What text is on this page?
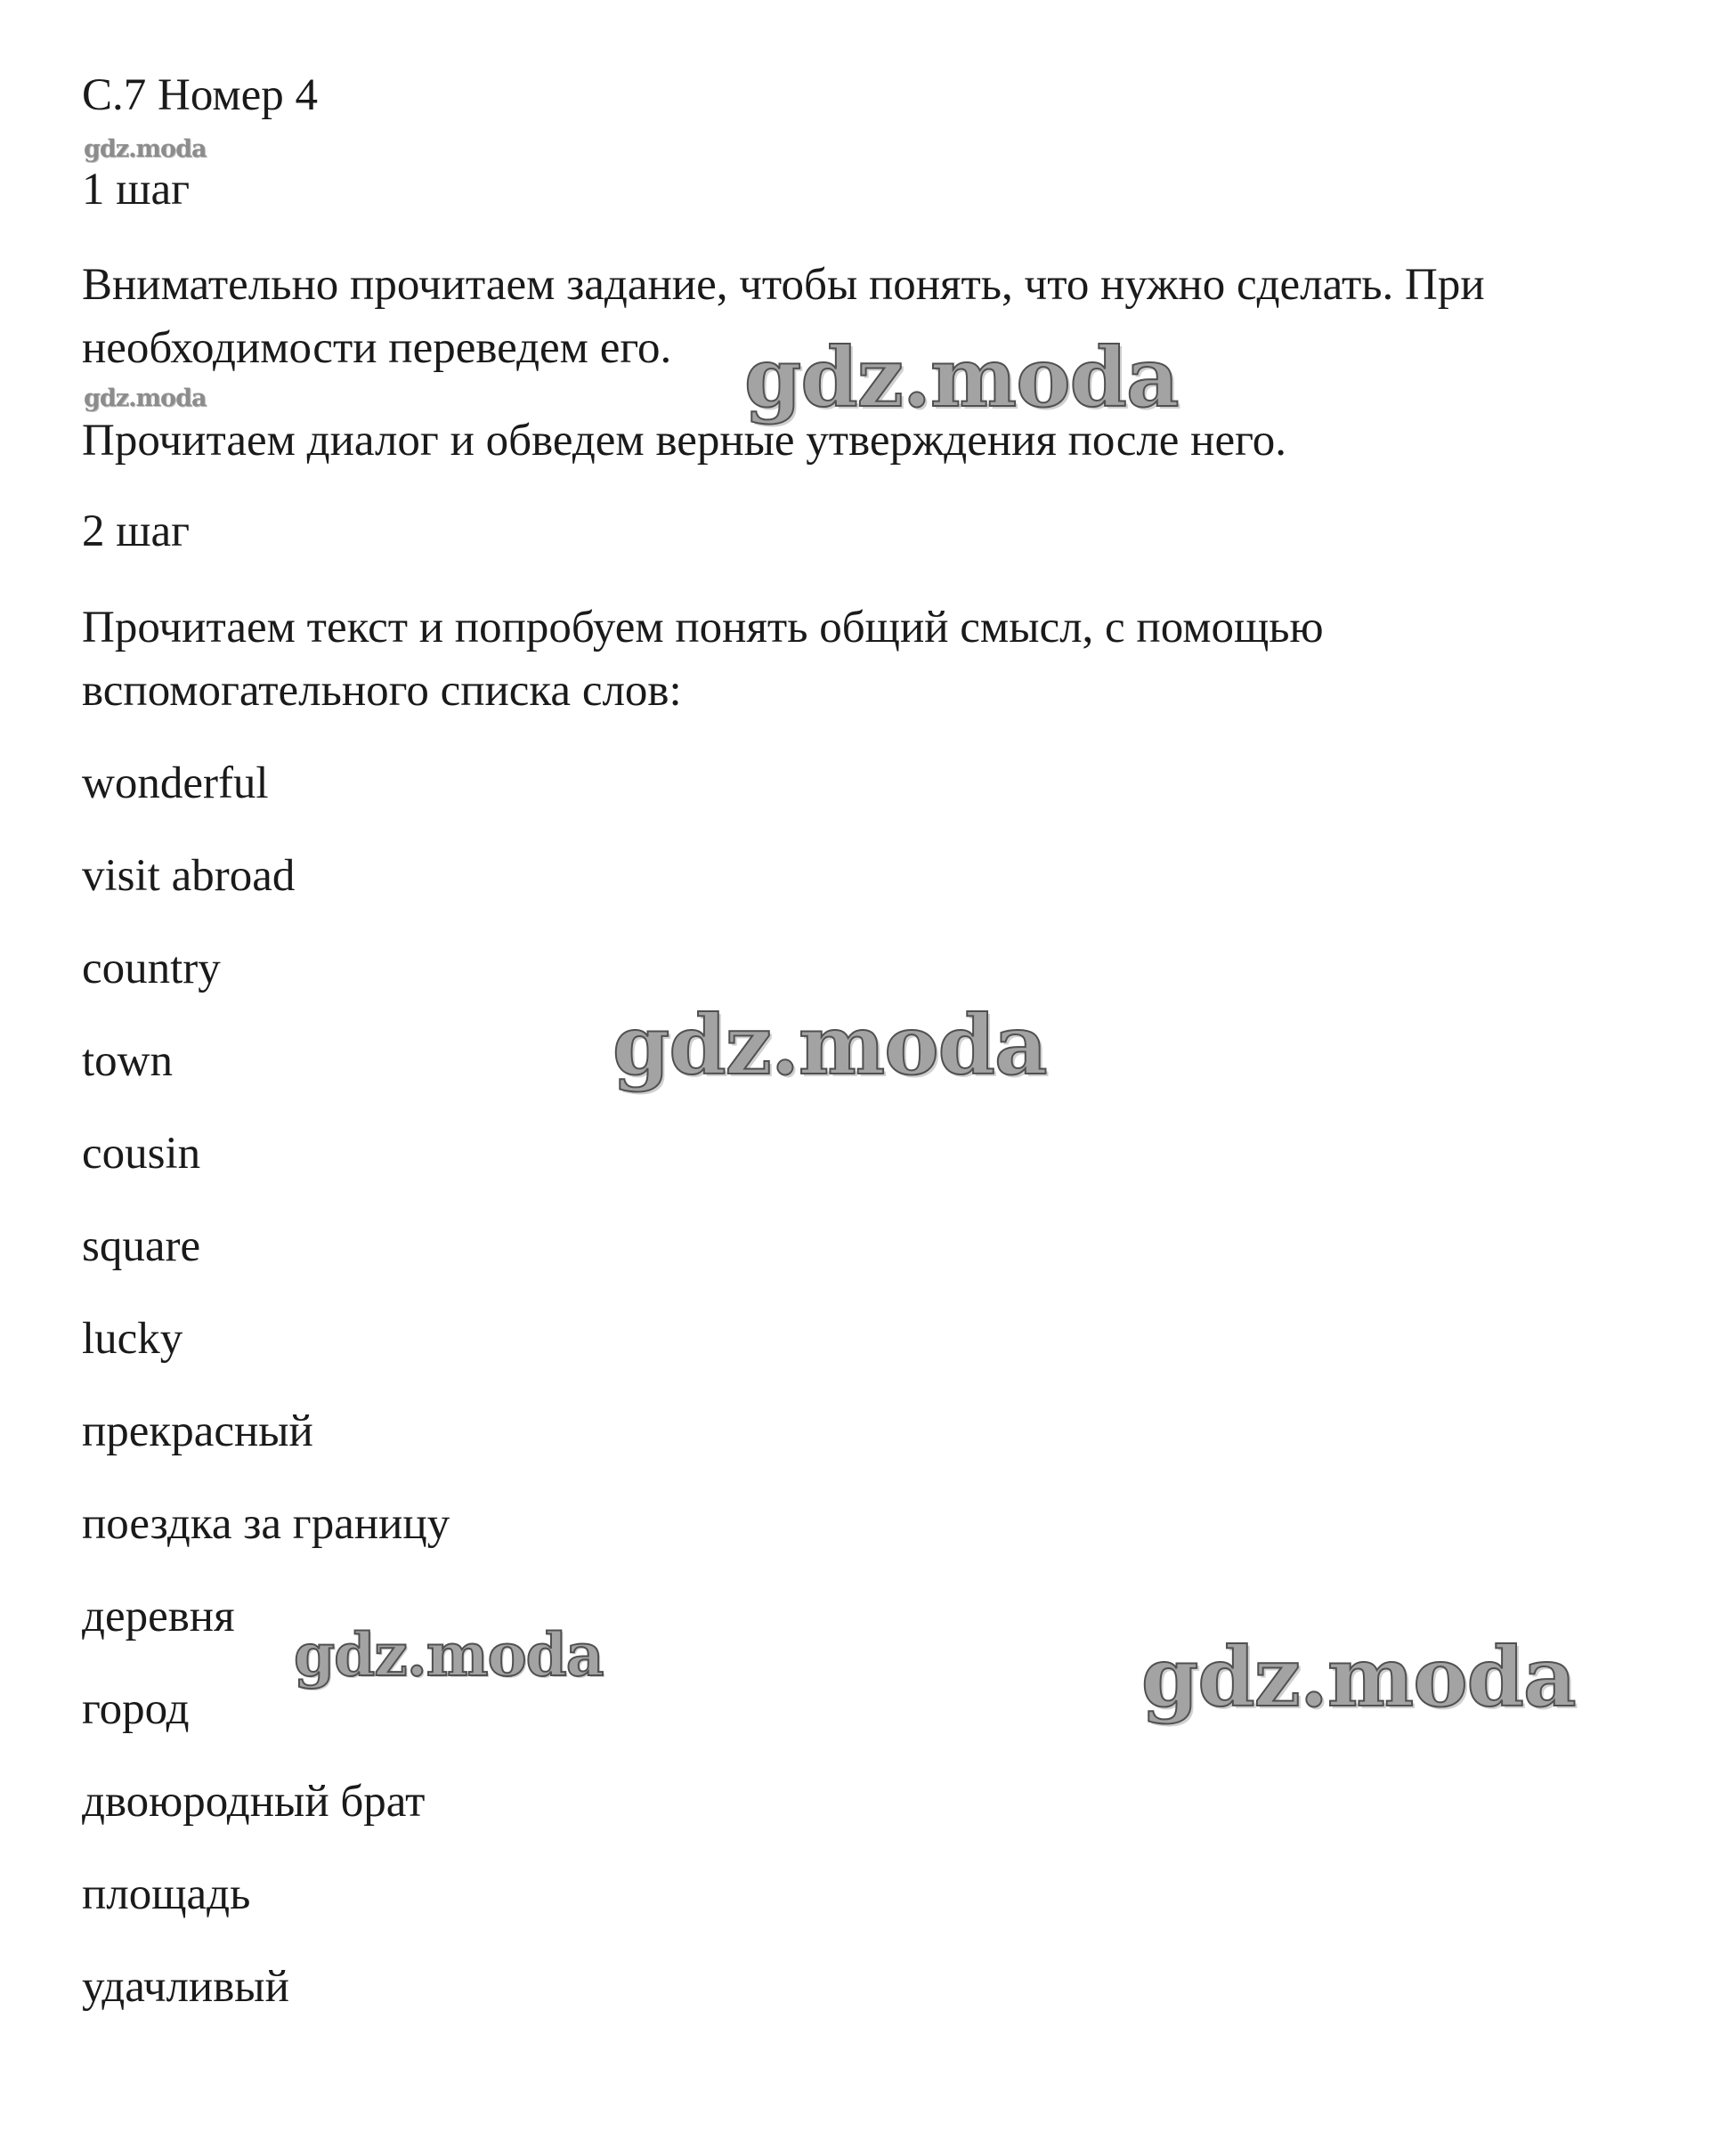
С.7 Номер 4
gdz.moda
1 шаг
Внимательно прочитаем задание, чтобы понять, что нужно сделать. При
необходимости переведем его.
gdz.moda	gdz.moda
Прочитаем диалог и обведем верные утверждения после него.
2 шаг
Прочитаем текст и попробуем понять общий смысл, с помощью
вспомогательного списка слов:
wonderful
visit abroad
country
town
cousin
square
lucky
прекрасный
поездка за границу
деревня
город
двоюродный брат
площадь
удачливый
gdz.moda
gdz.moda	gdz.moda
